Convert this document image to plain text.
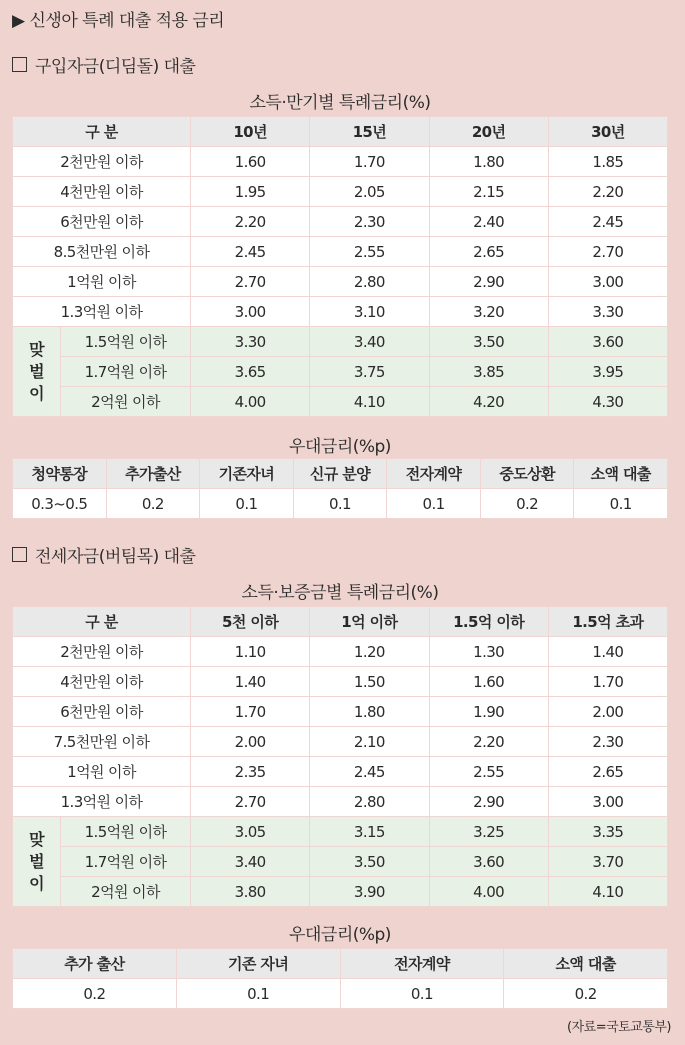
▶ 신생아 특례 대출 적용 금리
구입자금(디딤돌) 대출
소득·만기별 특례금리(%)
구 분		10년	15년	20년	30년
2천만원 이하		1.60	1.70	1.80	1.85
4천만원 이하		1.95	2.05	2.15	2.20
6천만원 이하		2.20	2.30	2.40	2.45
8.5천만원 이하		2.45	2.55	2.65	2.70
1억원 이하		2.70	2.80	2.90	3.00
1.3억원 이하		3.00	3.10	3.20	3.30

맞
벌
이	1.5억원 이하	3.30	3.40	3.50	3.60
	1.7억원 이하	3.65	3.75	3.85	3.95
	2억원 이하	4.00	4.10	4.20	4.30
우대금리(%p)
청약통장	추가출산	기존자녀	신규 분양	전자계약	중도상환	소액 대출
0.3~0.5	0.2	0.1	0.1	0.1	0.2	0.1
전세자금(버팀목) 대출
소득·보증금별 특례금리(%)
구 분		5천 이하	1억 이하	1.5억 이하	1.5억 초과
2천만원 이하		1.10	1.20	1.30	1.40
4천만원 이하		1.40	1.50	1.60	1.70
6천만원 이하		1.70	1.80	1.90	2.00
7.5천만원 이하		2.00	2.10	2.20	2.30
1억원 이하		2.35	2.45	2.55	2.65
1.3억원 이하		2.70	2.80	2.90	3.00

맞
벌
이	1.5억원 이하	3.05	3.15	3.25	3.35
	1.7억원 이하	3.40	3.50	3.60	3.70
	2억원 이하	3.80	3.90	4.00	4.10
우대금리(%p)
추가 출산	기존 자녀	전자계약	소액 대출
0.2	0.1	0.1	0.2
(자료=국토교통부)
